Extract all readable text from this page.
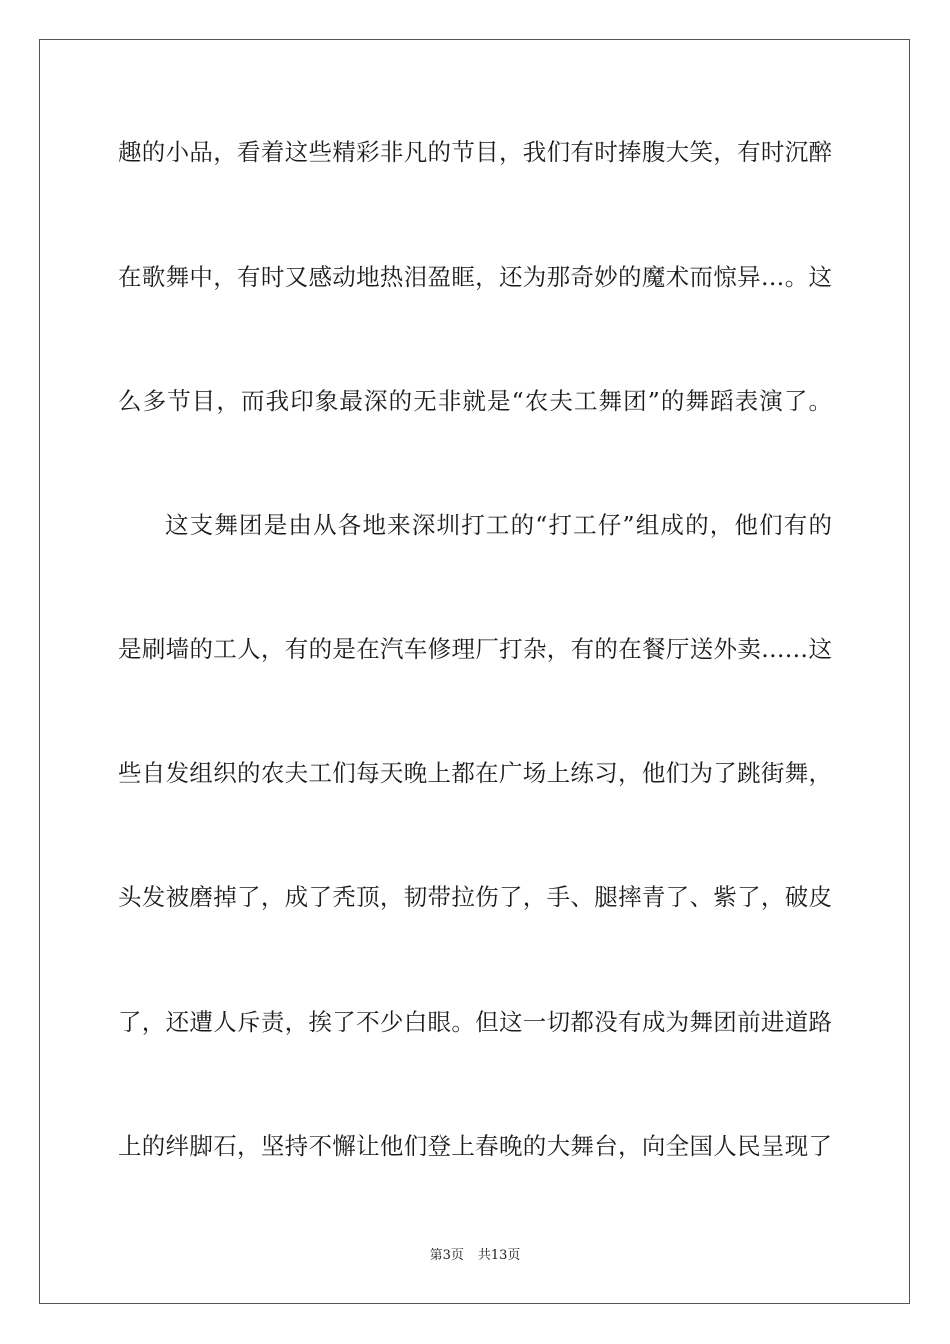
趣的小品，看着这些精彩非凡的节目，我们有时捧腹大笑，有时沉醉
在歌舞中，有时又感动地热泪盈眶，还为那奇妙的魔术而惊异…。这
么多节目，而我印象最深的无非就是“农夫工舞团”的舞蹈表演了。
这支舞团是由从各地来深圳打工的“打工仔”组成的，他们有的
是刷墙的工人，有的是在汽车修理厂打杂，有的在餐厅送外卖……这
些自发组织的农夫工们每天晚上都在广场上练习，他们为了跳街舞，
头发被磨掉了，成了秃顶，韧带拉伤了，手、腿摔青了、紫了，破皮
了，还遭人斥责，挨了不少白眼。但这一切都没有成为舞团前进道路
上的绊脚石，坚持不懈让他们登上春晚的大舞台，向全国人民呈现了
第3页 共13页
